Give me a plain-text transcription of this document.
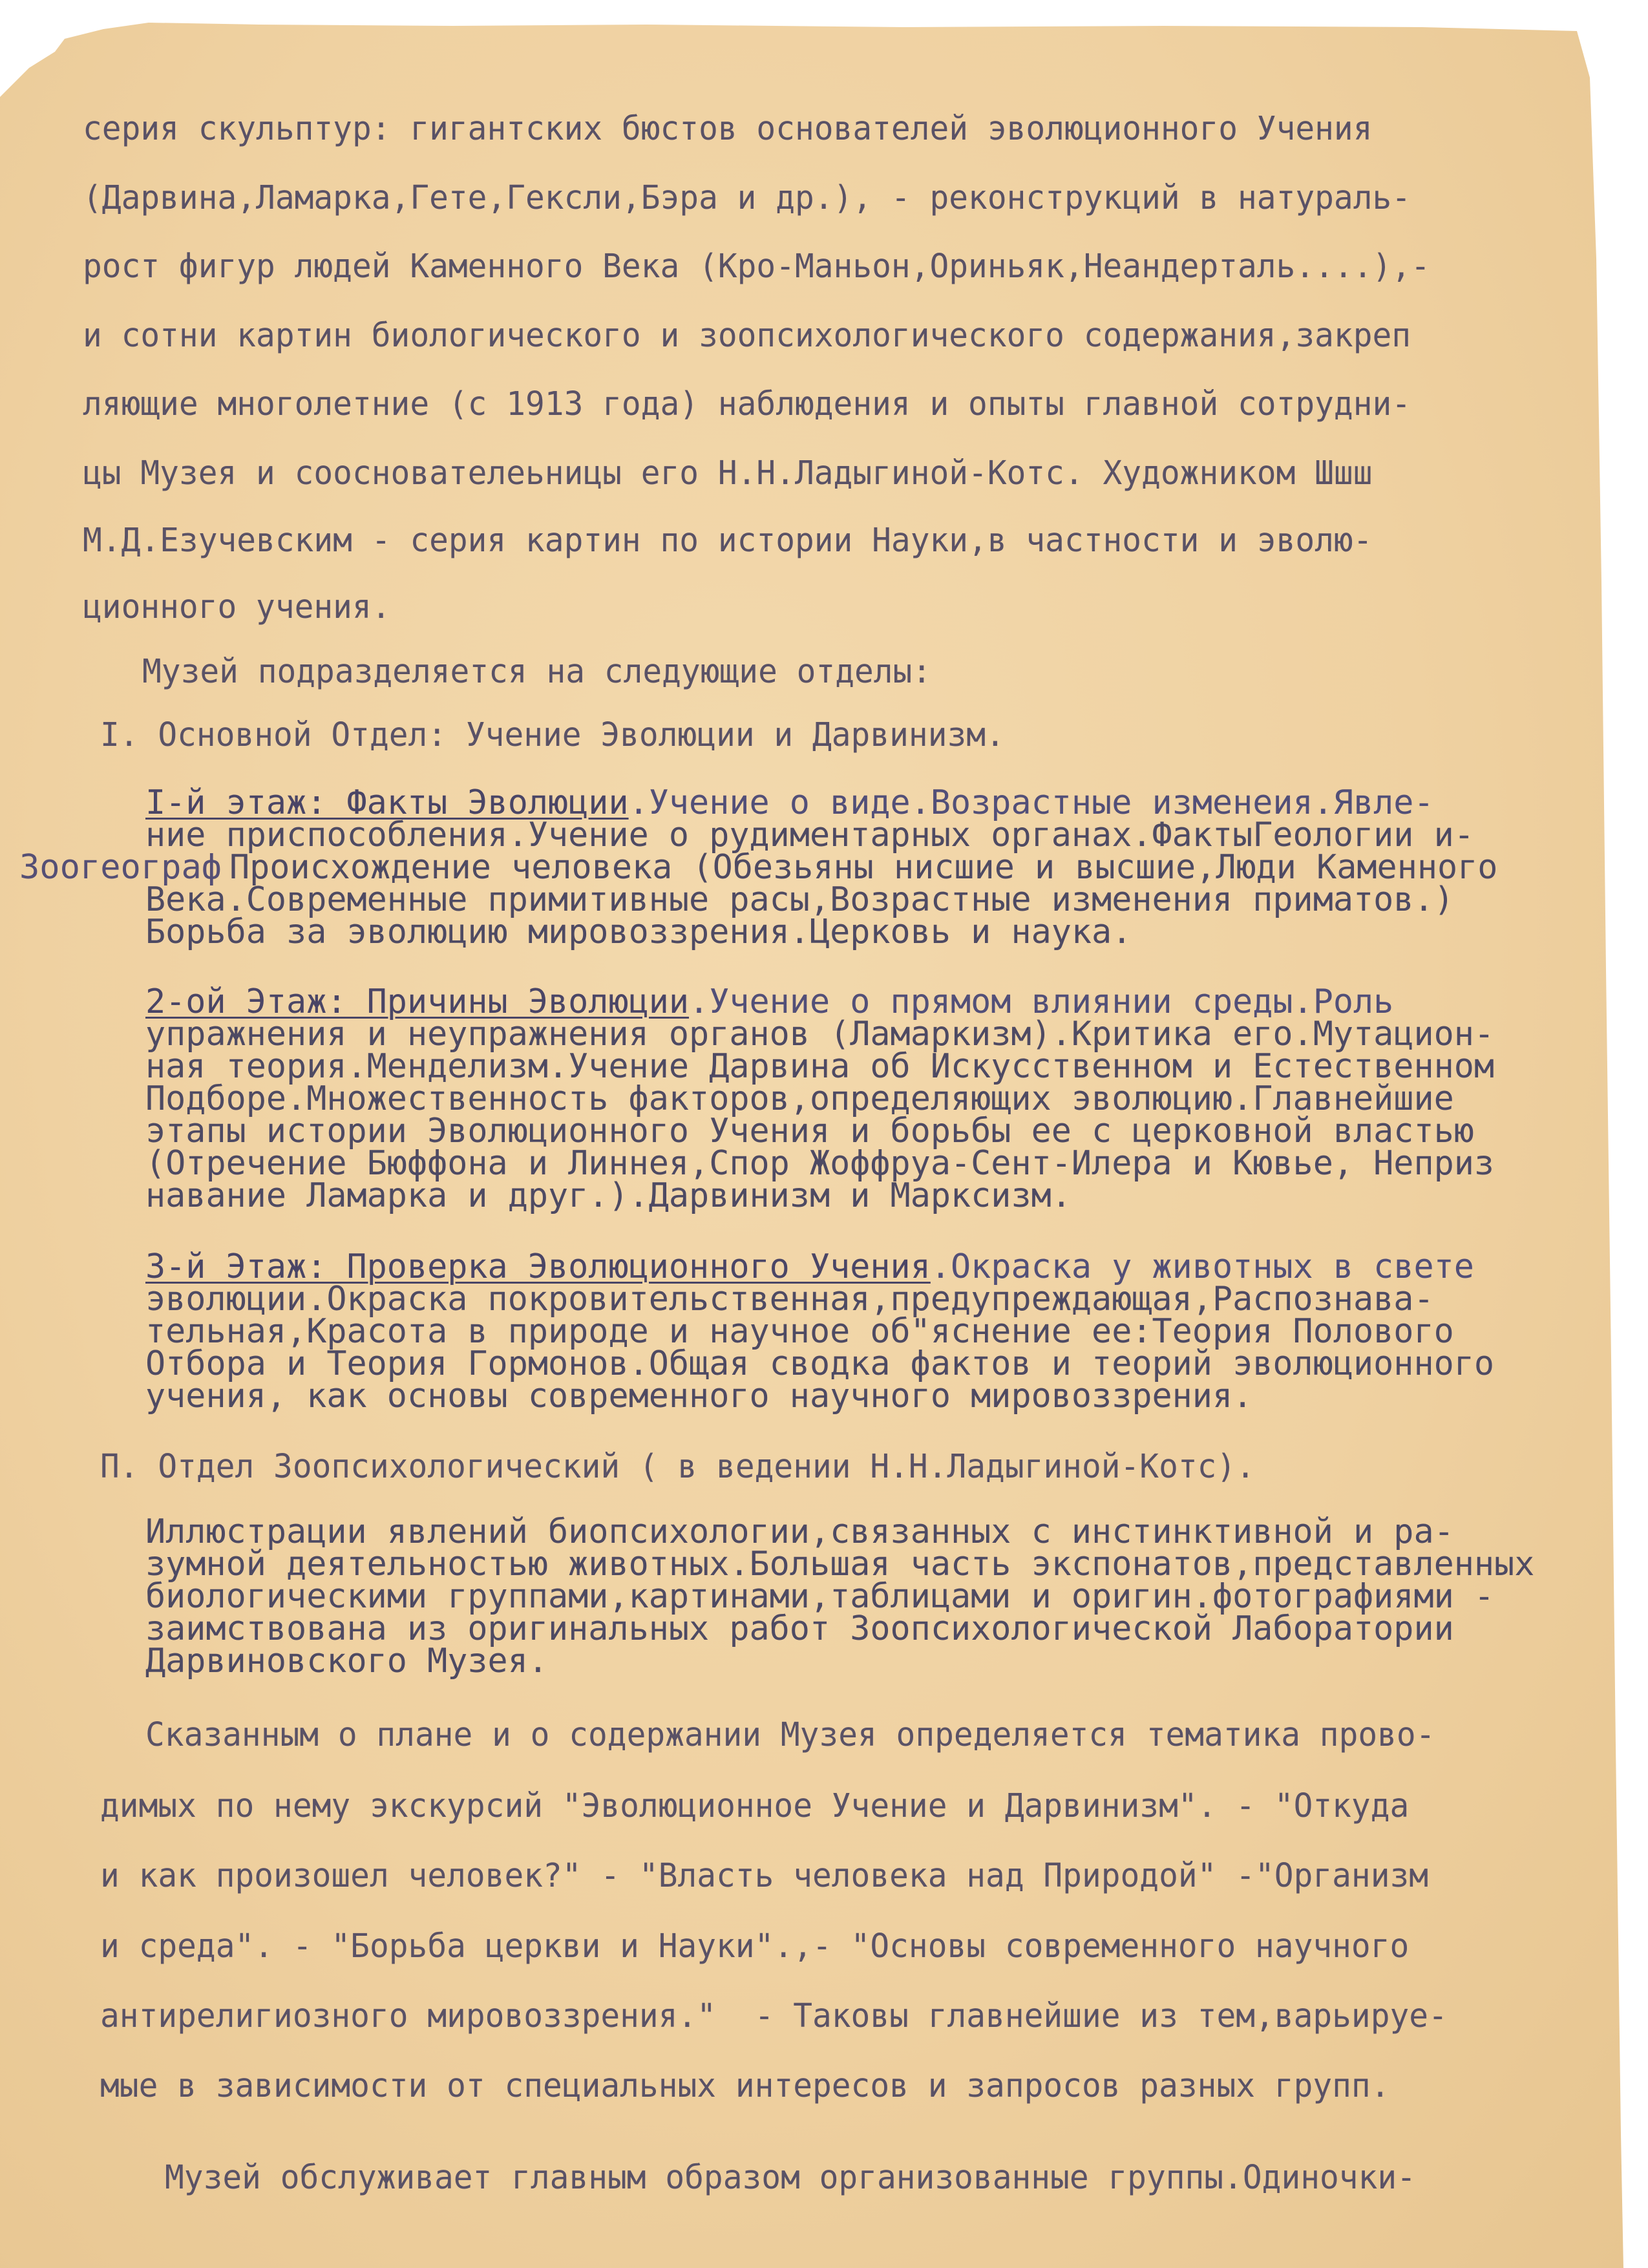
серия скульптур: гигантских бюстов основателей эволюционного Учения
(Дарвина,Ламарка,Гете,Гексли,Бэра и др.), - реконструкций в натураль-
рост фигур людей Каменного Века (Кро-Маньон,Ориньяк,Неандерталь....),-
и сотни картин биологического и зоопсихологического содержания,закреп
ляющие многолетние (с 1913 года) наблюдения и опыты главной сотрудни-
цы Музея и сооснователеьницы его Н.Н.Ладыгиной-Котс. Художником Шшш
М.Д.Езучевским - серия картин по истории Науки,в частности и эволю-
ционного учения.
Музей подразделяется на следующие отделы:
I. Основной Отдел: Учение Эволюции и Дарвинизм.
I-й этаж: Факты Эволюции.Учение о виде.Возрастные изменеия.Явле-
ние приспособления.Учение о рудиментарных органах.ФактыГеологии и-
Зоогеограф Происхождение человека (Обезьяны нисшие и высшие,Люди Каменного
Века.Современные примитивные расы,Возрастные изменения приматов.)
Борьба за эволюцию мировоззрения.Церковь и наука.
2-ой Этаж: Причины Эволюции.Учение о прямом влиянии среды.Роль
упражнения и неупражнения органов (Ламаркизм).Критика его.Мутацион-
ная теория.Менделизм.Учение Дарвина об Искусственном и Естественном
Подборе.Множественность факторов,определяющих эволюцию.Главнейшие
этапы истории Эволюционного Учения и борьбы ее с церковной властью
(Отречение Бюффона и Линнея,Спор Жоффруа-Сент-Илера и Кювье, Неприз
навание Ламарка и друг.).Дарвинизм и Марксизм.
3-й Этаж: Проверка Эволюционного Учения.Окраска у животных в свете
эволюции.Окраска покровительственная,предупреждающая,Распознава-
тельная,Красота в природе и научное об"яснение ее:Теория Полового
Отбора и Теория Гормонов.Общая сводка фактов и теорий эволюционного
учения, как основы современного научного мировоззрения.
П. Отдел Зоопсихологический ( в ведении Н.Н.Ладыгиной-Котс).
Иллюстрации явлений биопсихологии,связанных с инстинктивной и ра-
зумной деятельностью животных.Большая часть экспонатов,представленных
биологическими группами,картинами,таблицами и оригин.фотографиями -
заимствована из оригинальных работ Зоопсихологической Лаборатории
Дарвиновского Музея.
Сказанным о плане и о содержании Музея определяется тематика прово-
димых по нему экскурсий "Эволюционное Учение и Дарвинизм". - "Откуда
и как произошел человек?" - "Власть человека над Природой" -"Организм
и среда". - "Борьба церкви и Науки".,- "Основы современного научного
антирелигиозного мировоззрения."  - Таковы главнейшие из тем,варьируе-
мые в зависимости от специальных интересов и запросов разных групп.
Музей обслуживает главным образом организованные группы.Одиночки-
